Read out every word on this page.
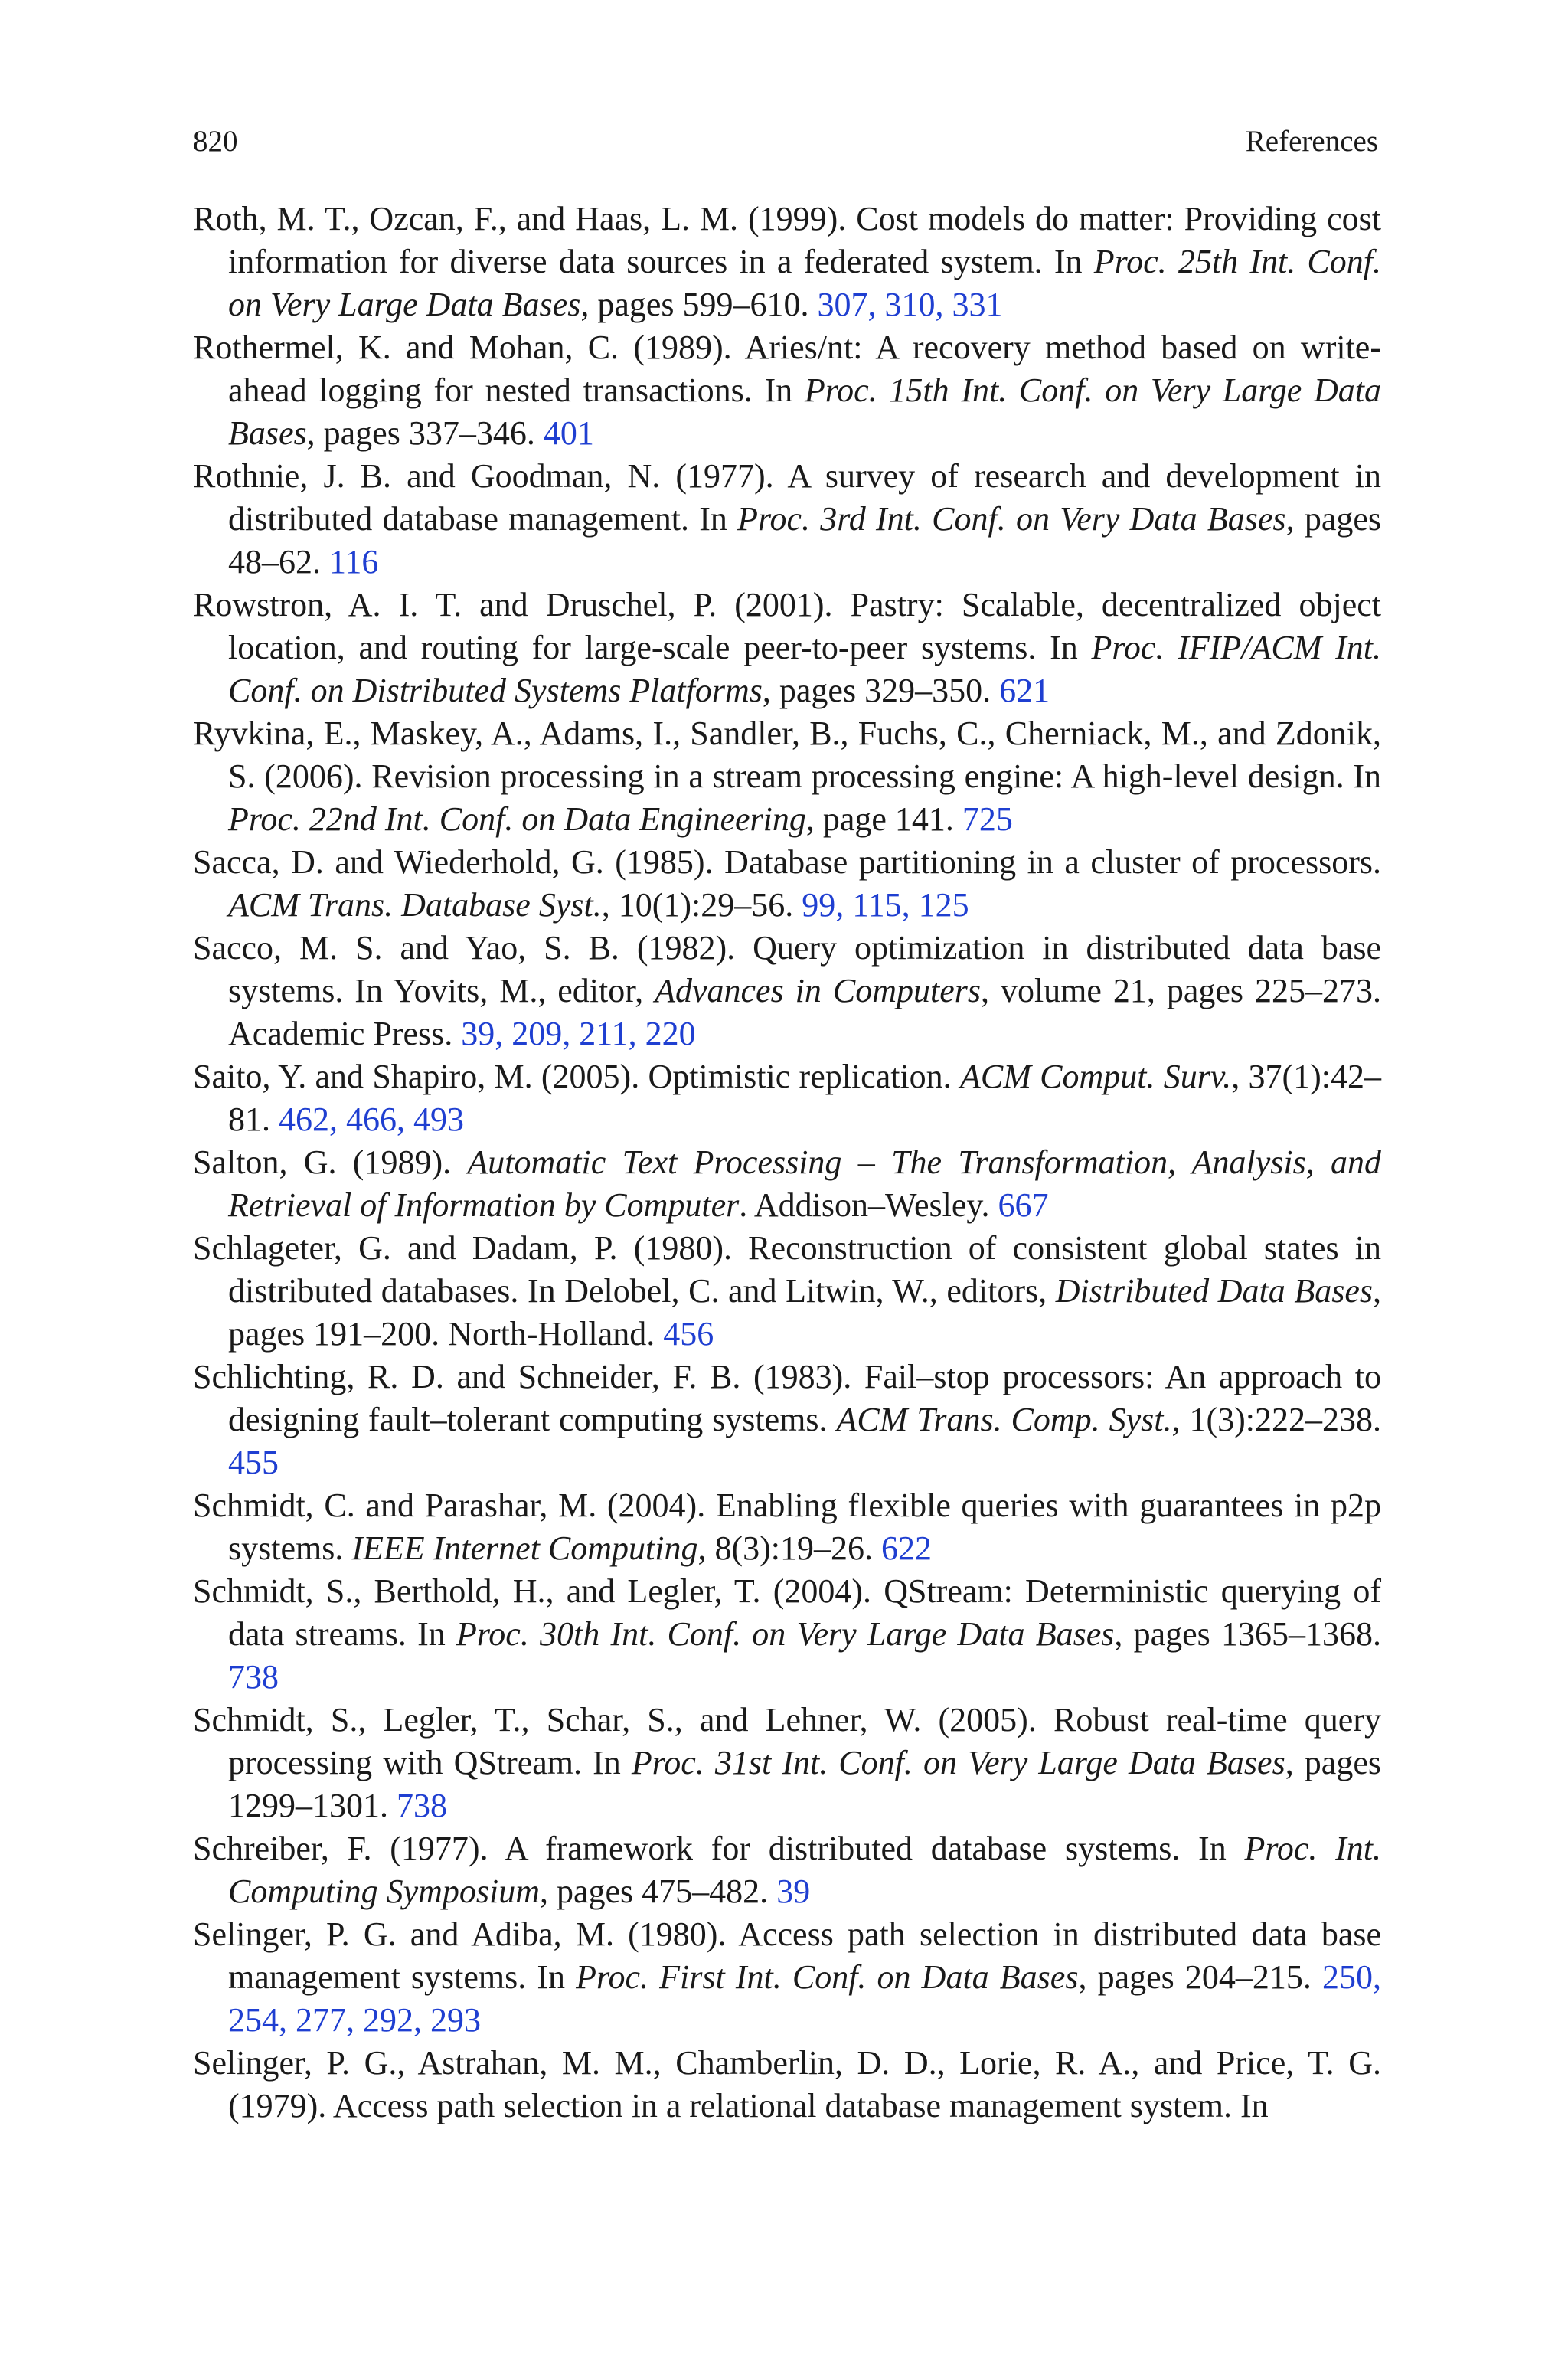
820	References
Roth, M. T., Ozcan, F., and Haas, L. M. (1999). Cost models do matter: Providing cost information for diverse data sources in a federated system. In Proc. 25th Int. Conf. on Very Large Data Bases, pages 599–610. 307, 310, 331
Rothermel, K. and Mohan, C. (1989). Aries/nt: A recovery method based on write-ahead logging for nested transactions. In Proc. 15th Int. Conf. on Very Large Data Bases, pages 337–346. 401
Rothnie, J. B. and Goodman, N. (1977). A survey of research and development in distributed database management. In Proc. 3rd Int. Conf. on Very Data Bases, pages 48–62. 116
Rowstron, A. I. T. and Druschel, P. (2001). Pastry: Scalable, decentralized object location, and routing for large-scale peer-to-peer systems. In Proc. IFIP/ACM Int. Conf. on Distributed Systems Platforms, pages 329–350. 621
Ryvkina, E., Maskey, A., Adams, I., Sandler, B., Fuchs, C., Cherniack, M., and Zdonik, S. (2006). Revision processing in a stream processing engine: A high-level design. In Proc. 22nd Int. Conf. on Data Engineering, page 141. 725
Sacca, D. and Wiederhold, G. (1985). Database partitioning in a cluster of processors. ACM Trans. Database Syst., 10(1):29–56. 99, 115, 125
Sacco, M. S. and Yao, S. B. (1982). Query optimization in distributed data base systems. In Yovits, M., editor, Advances in Computers, volume 21, pages 225–273. Academic Press. 39, 209, 211, 220
Saito, Y. and Shapiro, M. (2005). Optimistic replication. ACM Comput. Surv., 37(1):42–81. 462, 466, 493
Salton, G. (1989). Automatic Text Processing – The Transformation, Analysis, and Retrieval of Information by Computer. Addison–Wesley. 667
Schlageter, G. and Dadam, P. (1980). Reconstruction of consistent global states in distributed databases. In Delobel, C. and Litwin, W., editors, Distributed Data Bases, pages 191–200. North-Holland. 456
Schlichting, R. D. and Schneider, F. B. (1983). Fail–stop processors: An approach to designing fault–tolerant computing systems. ACM Trans. Comp. Syst., 1(3):222–238. 455
Schmidt, C. and Parashar, M. (2004). Enabling flexible queries with guarantees in p2p systems. IEEE Internet Computing, 8(3):19–26. 622
Schmidt, S., Berthold, H., and Legler, T. (2004). QStream: Deterministic querying of data streams. In Proc. 30th Int. Conf. on Very Large Data Bases, pages 1365–1368. 738
Schmidt, S., Legler, T., Schar, S., and Lehner, W. (2005). Robust real-time query processing with QStream. In Proc. 31st Int. Conf. on Very Large Data Bases, pages 1299–1301. 738
Schreiber, F. (1977). A framework for distributed database systems. In Proc. Int. Computing Symposium, pages 475–482. 39
Selinger, P. G. and Adiba, M. (1980). Access path selection in distributed data base management systems. In Proc. First Int. Conf. on Data Bases, pages 204–215. 250, 254, 277, 292, 293
Selinger, P. G., Astrahan, M. M., Chamberlin, D. D., Lorie, R. A., and Price, T. G. (1979). Access path selection in a relational database management system. In
